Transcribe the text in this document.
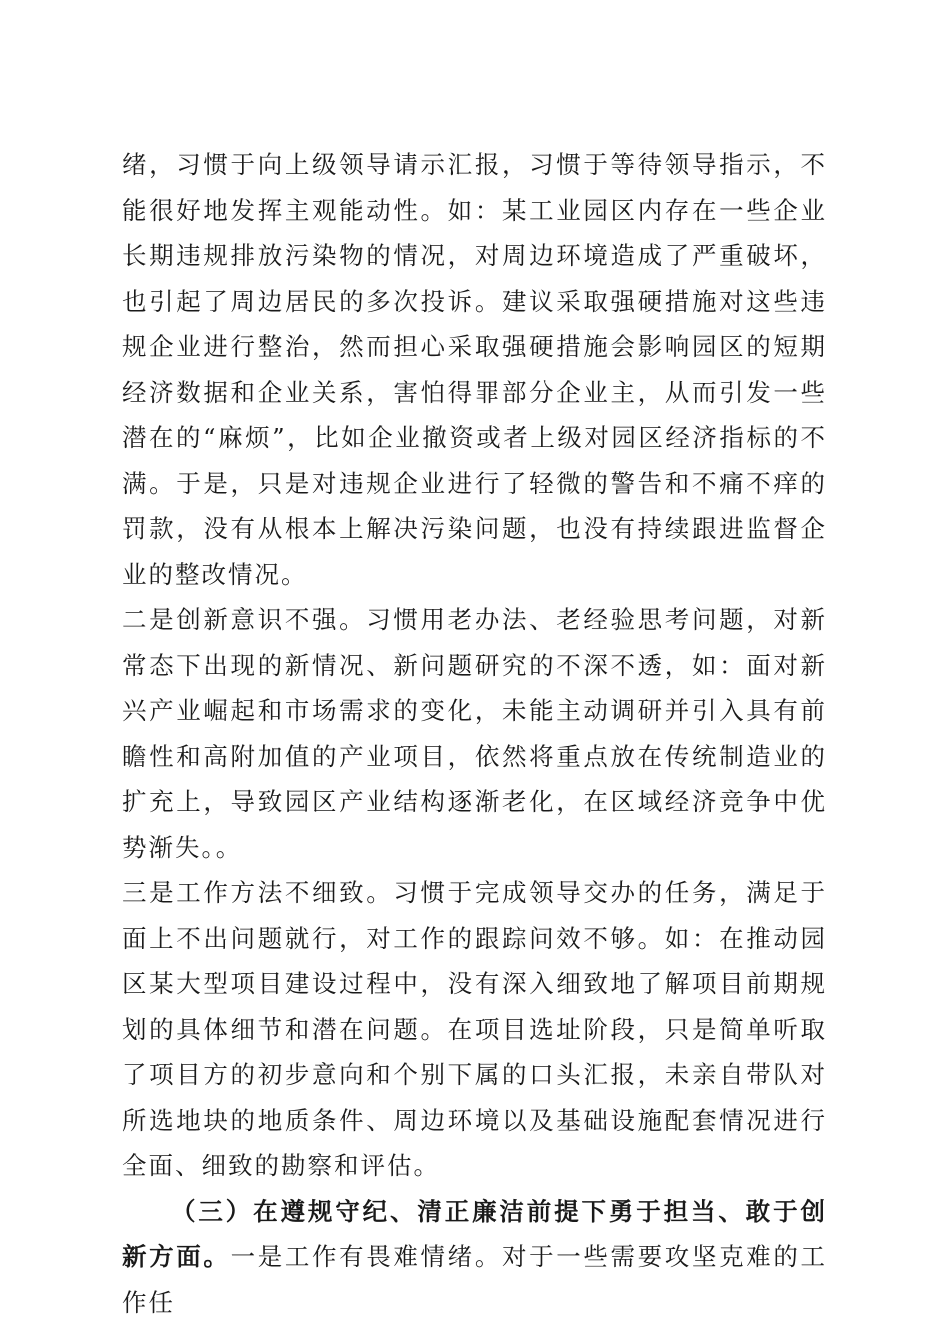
绪，习惯于向上级领导请示汇报，习惯于等待领导指示，不能很好地发挥主观能动性。如：某工业园区内存在一些企业长期违规排放污染物的情况，对周边环境造成了严重破坏，也引起了周边居民的多次投诉。建议采取强硬措施对这些违规企业进行整治，然而担心采取强硬措施会影响园区的短期经济数据和企业关系，害怕得罪部分企业主，从而引发一些潜在的“麻烦”，比如企业撤资或者上级对园区经济指标的不满。于是，只是对违规企业进行了轻微的警告和不痛不痒的罚款，没有从根本上解决污染问题，也没有持续跟进监督企业的整改情况。

二是创新意识不强。习惯用老办法、老经验思考问题，对新常态下出现的新情况、新问题研究的不深不透，如：面对新兴产业崛起和市场需求的变化，未能主动调研并引入具有前瞻性和高附加值的产业项目，依然将重点放在传统制造业的扩充上，导致园区产业结构逐渐老化，在区域经济竞争中优势渐失。。

三是工作方法不细致。习惯于完成领导交办的任务，满足于面上不出问题就行，对工作的跟踪问效不够。如：在推动园区某大型项目建设过程中，没有深入细致地了解项目前期规划的具体细节和潜在问题。在项目选址阶段，只是简单听取了项目方的初步意向和个别下属的口头汇报，未亲自带队对所选地块的地质条件、周边环境以及基础设施配套情况进行全面、细致的勘察和评估。

（三）在遵规守纪、清正廉洁前提下勇于担当、敢于创新方面。一是工作有畏难情绪。对于一些需要攻坚克难的工作任
